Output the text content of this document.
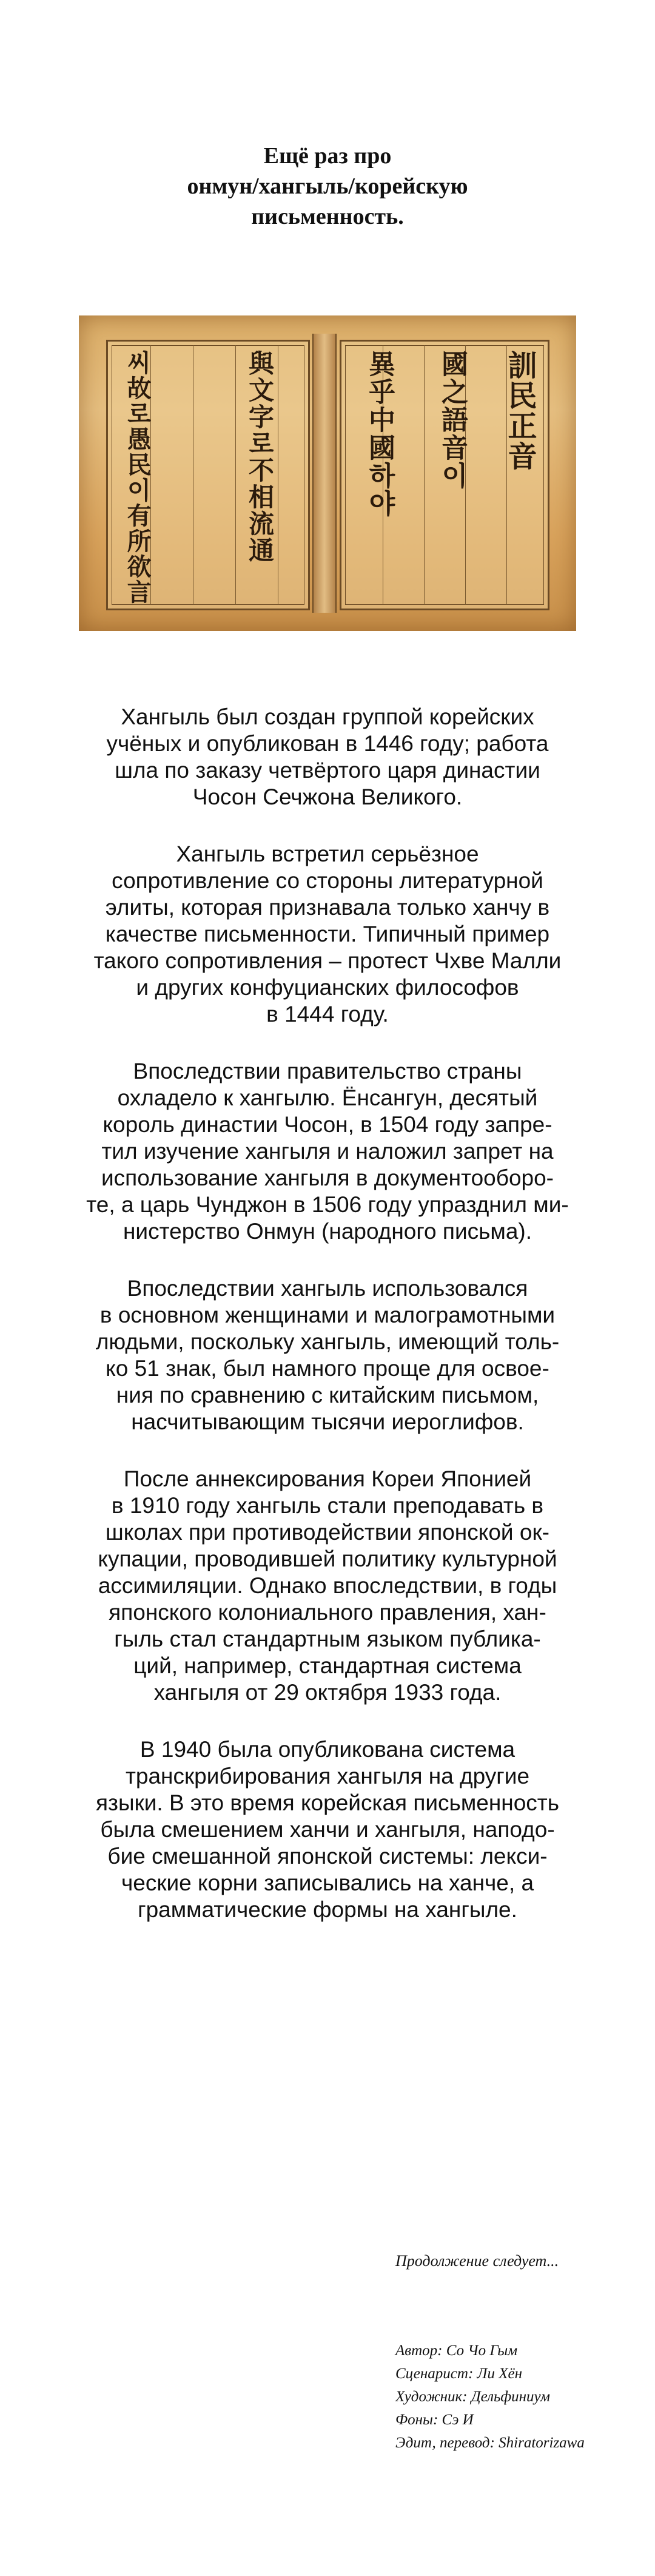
Ещё раз про
онмун/хангыль/корейскую
письменность.
與文字로不相流通
씨故로愚民이有所欲言	訓民正音
國之語音이
異乎中國하야

Хангыль был создан группой корейских
учёных и опубликован в 1446 году; работа
шла по заказу четвёртого царя династии
Чосон Сечжона Великого.

Хангыль встретил серьёзное
сопротивление со стороны литературной
элиты, которая признавала только ханчу в
качестве письменности. Типичный пример
такого сопротивления – протест Чхве Малли
и других конфуцианских философов
в 1444 году.

Впоследствии правительство страны
охладело к хангылю. Ёнсангун, десятый
король династии Чосон, в 1504 году запре-
тил изучение хангыля и наложил запрет на
использование хангыля в документооборо-
те, а царь Чунджон в 1506 году упразднил ми-
нистерство Онмун (народного письма).

Впоследствии хангыль использовался
в основном женщинами и малограмотными
людьми, поскольку хангыль, имеющий толь-
ко 51 знак, был намного проще для освое-
ния по сравнению с китайским письмом,
насчитывающим тысячи иероглифов.

После аннексирования Кореи Японией
в 1910 году хангыль стали преподавать в
школах при противодействии японской ок-
купации, проводившей политику культурной
ассимиляции. Однако впоследствии, в годы
японского колониального правления, хан-
гыль стал стандартным языком публика-
ций, например, стандартная система
хангыля от 29 октября 1933 года.

В 1940 была опубликована система
транскрибирования хангыля на другие
языки. В это время корейская письменность
была смешением ханчи и хангыля, наподо-
бие смешанной японской системы: лекси-
ческие корни записывались на ханче, а
грамматические формы на хангыле.

Продолжение следует...
Автор: Со Чо Гым
Сценарист: Ли Хён
Художник: Дельфиниум
Фоны: Сэ И
Эдит, перевод: Shiratorizawa
